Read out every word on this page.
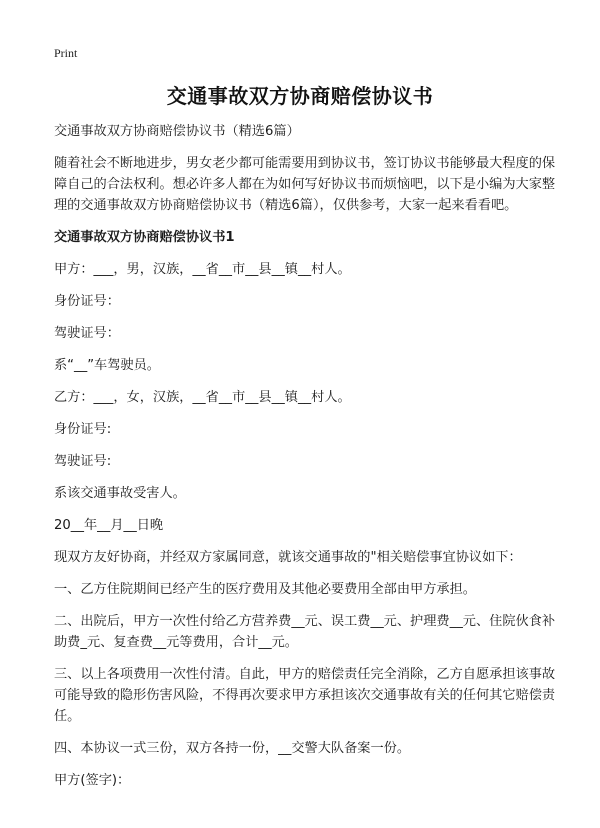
Print
交通事故双方协商赔偿协议书

交通事故双方协商赔偿协议书（精选6篇）

随着社会不断地进步，男女老少都可能需要用到协议书，签订协议书能够最大程度的保障自己的合法权利。想必许多人都在为如何写好协议书而烦恼吧，以下是小编为大家整理的交通事故双方协商赔偿协议书（精选6篇），仅供参考，大家一起来看看吧。

交通事故双方协商赔偿协议书1

甲方：___，男，汉族，__省__市__县__镇__村人。

身份证号：

驾驶证号：

系“__”车驾驶员。

乙方：___，女，汉族，__省__市__县__镇__村人。

身份证号:

驾驶证号:

系该交通事故受害人。

20__年__月__日晚

现双方友好协商，并经双方家属同意，就该交通事故的"相关赔偿事宜协议如下：

一、乙方住院期间已经产生的医疗费用及其他必要费用全部由甲方承担。

二、出院后，甲方一次性付给乙方营养费__元、误工费__元、护理费__元、住院伙食补助费_元、复查费__元等费用，合计__元。

三、以上各项费用一次性付清。自此，甲方的赔偿责任完全消除，乙方自愿承担该事故可能导致的隐形伤害风险，不得再次要求甲方承担该次交通事故有关的任何其它赔偿责任。

四、本协议一式三份，双方各持一份，__交警大队备案一份。

甲方(签字)：
